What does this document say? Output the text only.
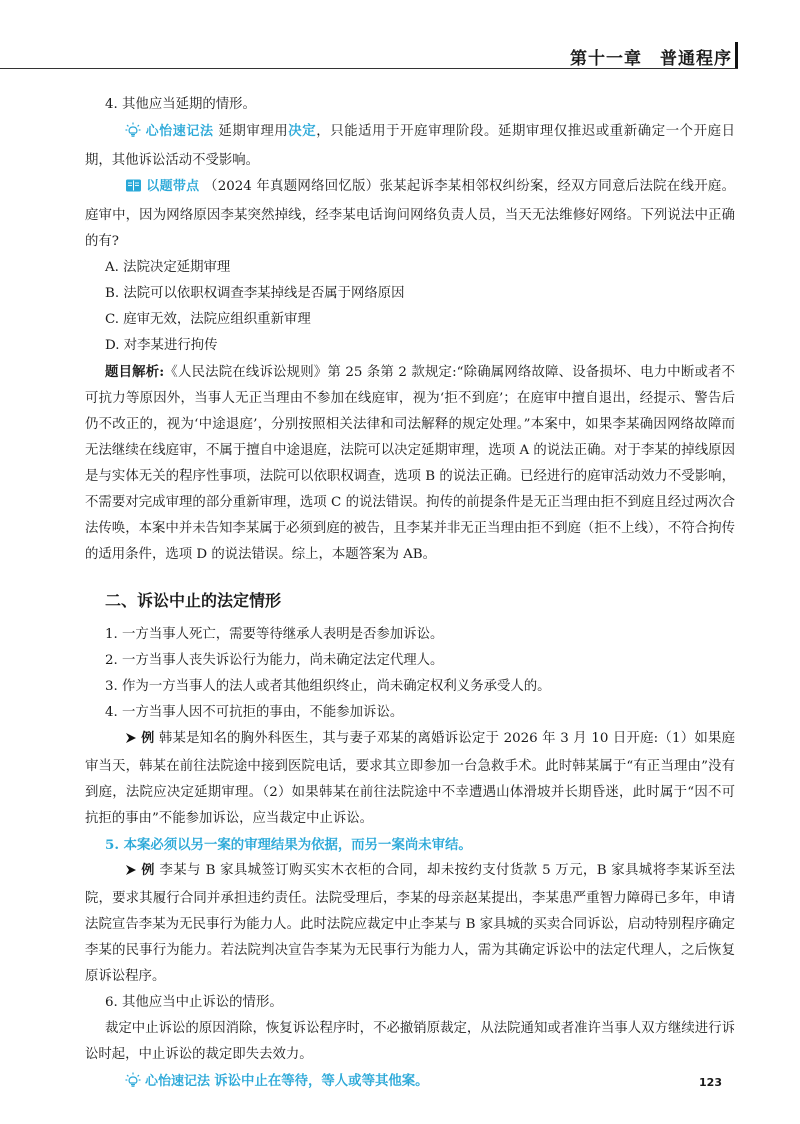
第十一章 普通程序

4. 其他应当延期的情形。

心怡速记法 延期审理用决定，只能适用于开庭审理阶段。延期审理仅推迟或重新确定一个开庭日期，其他诉讼活动不受影响。

以题带点 （2024 年真题网络回忆版）张某起诉李某相邻权纠纷案，经双方同意后法院在线开庭。庭审中，因为网络原因李某突然掉线，经李某电话询问网络负责人员，当天无法维修好网络。下列说法中正确的有?

A. 法院决定延期审理

B. 法院可以依职权调查李某掉线是否属于网络原因

C. 庭审无效，法院应组织重新审理

D. 对李某进行拘传

题目解析:《人民法院在线诉讼规则》第 25 条第 2 款规定:“除确属网络故障、设备损坏、电力中断或者不可抗力等原因外，当事人无正当理由不参加在线庭审，视为‘拒不到庭’；在庭审中擅自退出，经提示、警告后仍不改正的，视为‘中途退庭’，分别按照相关法律和司法解释的规定处理。”本案中，如果李某确因网络故障而无法继续在线庭审，不属于擅自中途退庭，法院可以决定延期审理，选项 A 的说法正确。对于李某的掉线原因是与实体无关的程序性事项，法院可以依职权调查，选项 B 的说法正确。已经进行的庭审活动效力不受影响，不需要对完成审理的部分重新审理，选项 C 的说法错误。拘传的前提条件是无正当理由拒不到庭且经过两次合法传唤，本案中并未告知李某属于必须到庭的被告，且李某并非无正当理由拒不到庭（拒不上线），不符合拘传的适用条件，选项 D 的说法错误。综上，本题答案为 AB。

二、诉讼中止的法定情形

1. 一方当事人死亡，需要等待继承人表明是否参加诉讼。

2. 一方当事人丧失诉讼行为能力，尚未确定法定代理人。

3. 作为一方当事人的法人或者其他组织终止，尚未确定权利义务承受人的。

4. 一方当事人因不可抗拒的事由，不能参加诉讼。

例 韩某是知名的胸外科医生，其与妻子邓某的离婚诉讼定于 2026 年 3 月 10 日开庭:（1）如果庭审当天，韩某在前往法院途中接到医院电话，要求其立即参加一台急救手术。此时韩某属于“有正当理由”没有到庭，法院应决定延期审理。（2）如果韩某在前往法院途中不幸遭遇山体滑坡并长期昏迷，此时属于“因不可抗拒的事由”不能参加诉讼，应当裁定中止诉讼。

5. 本案必须以另一案的审理结果为依据，而另一案尚未审结。

例 李某与 B 家具城签订购买实木衣柜的合同，却未按约支付货款 5 万元，B 家具城将李某诉至法院，要求其履行合同并承担违约责任。法院受理后，李某的母亲赵某提出，李某患严重智力障碍已多年，申请法院宣告李某为无民事行为能力人。此时法院应裁定中止李某与 B 家具城的买卖合同诉讼，启动特别程序确定李某的民事行为能力。若法院判决宣告李某为无民事行为能力人，需为其确定诉讼中的法定代理人，之后恢复原诉讼程序。

6. 其他应当中止诉讼的情形。

裁定中止诉讼的原因消除，恢复诉讼程序时，不必撤销原裁定，从法院通知或者准许当事人双方继续进行诉讼时起，中止诉讼的裁定即失去效力。

心怡速记法 诉讼中止在等待，等人或等其他案。	123
